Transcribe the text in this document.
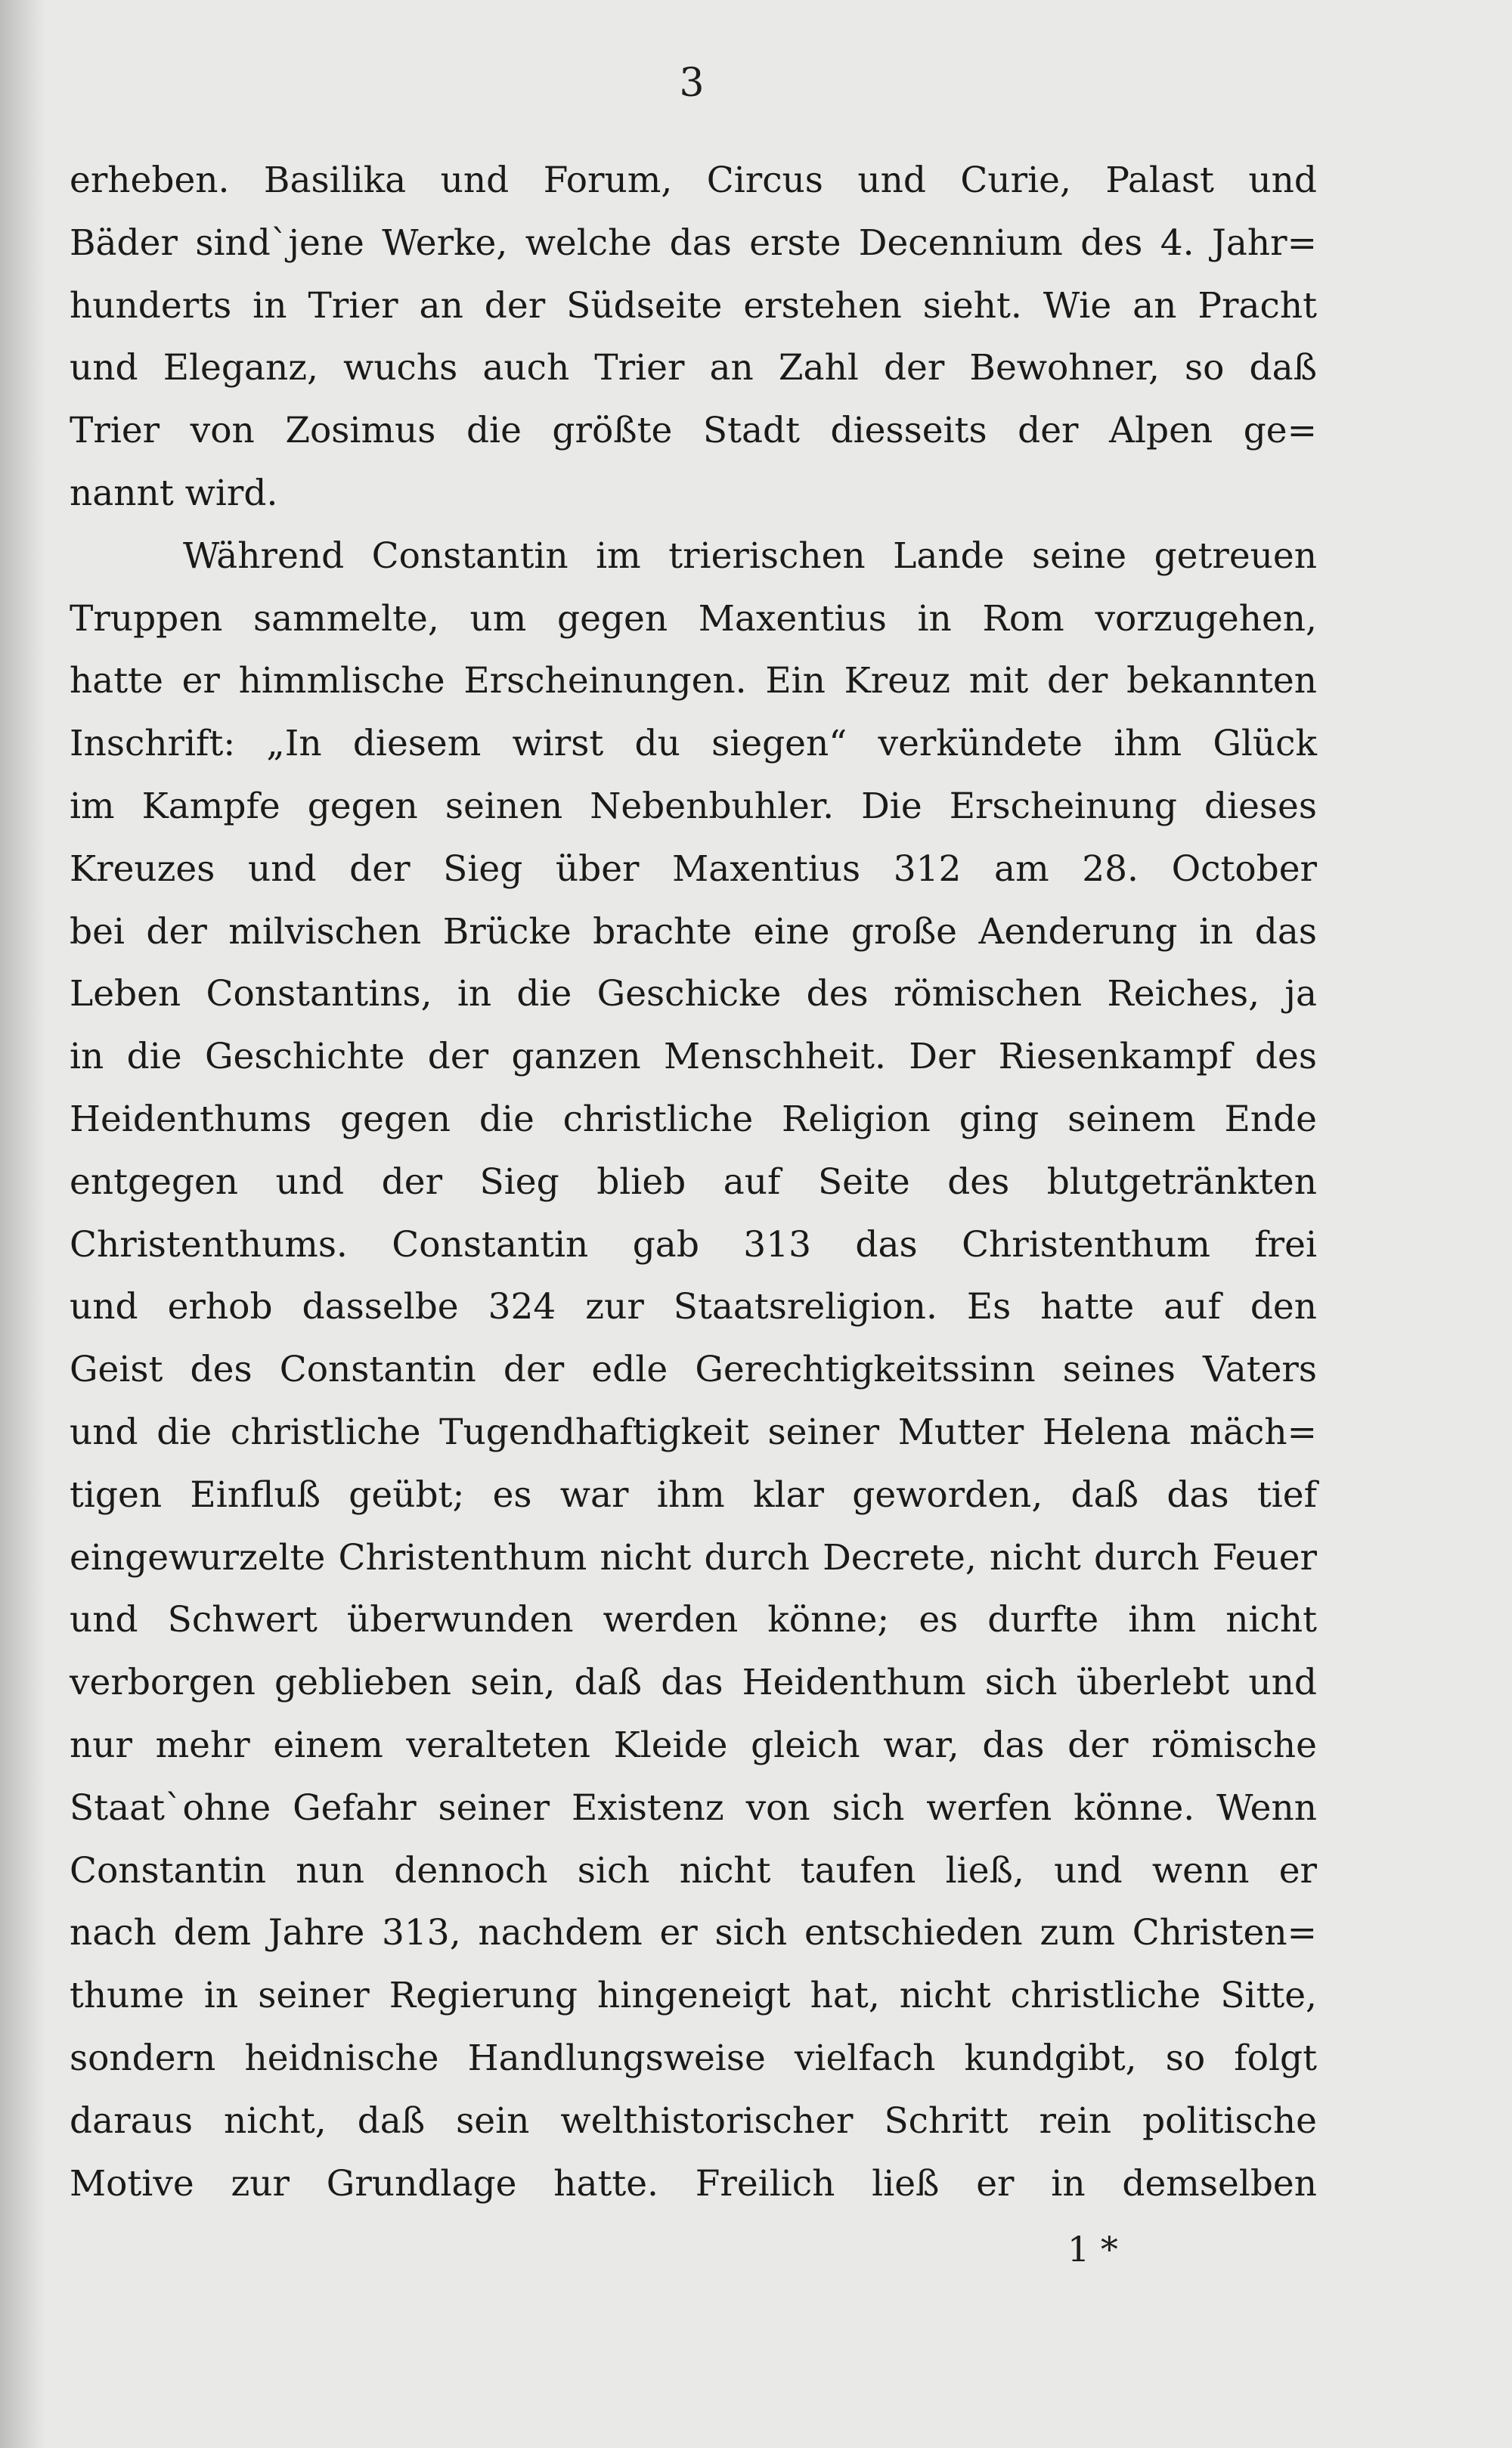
3
erheben. Basilika und Forum, Circus und Curie, Palast und
Bäder sind`jene Werke, welche das erste Decennium des 4. Jahr=
hunderts in Trier an der Südseite erstehen sieht. Wie an Pracht
und Eleganz, wuchs auch Trier an Zahl der Bewohner, so daß
Trier von Zosimus die größte Stadt diesseits der Alpen ge=
nannt wird.
Während Constantin im trierischen Lande seine getreuen
Truppen sammelte, um gegen Maxentius in Rom vorzugehen,
hatte er himmlische Erscheinungen. Ein Kreuz mit der bekannten
Inschrift: „In diesem wirst du siegen“ verkündete ihm Glück
im Kampfe gegen seinen Nebenbuhler. Die Erscheinung dieses
Kreuzes und der Sieg über Maxentius 312 am 28. October
bei der milvischen Brücke brachte eine große Aenderung in das
Leben Constantins, in die Geschicke des römischen Reiches, ja
in die Geschichte der ganzen Menschheit. Der Riesenkampf des
Heidenthums gegen die christliche Religion ging seinem Ende
entgegen und der Sieg blieb auf Seite des blutgetränkten
Christenthums. Constantin gab 313 das Christenthum frei
und erhob dasselbe 324 zur Staatsreligion. Es hatte auf den
Geist des Constantin der edle Gerechtigkeitssinn seines Vaters
und die christliche Tugendhaftigkeit seiner Mutter Helena mäch=
tigen Einfluß geübt; es war ihm klar geworden, daß das tief
eingewurzelte Christenthum nicht durch Decrete, nicht durch Feuer
und Schwert überwunden werden könne; es durfte ihm nicht
verborgen geblieben sein, daß das Heidenthum sich überlebt und
nur mehr einem veralteten Kleide gleich war, das der römische
Staat`ohne Gefahr seiner Existenz von sich werfen könne. Wenn
Constantin nun dennoch sich nicht taufen ließ, und wenn er
nach dem Jahre 313, nachdem er sich entschieden zum Christen=
thume in seiner Regierung hingeneigt hat, nicht christliche Sitte,
sondern heidnische Handlungsweise vielfach kundgibt, so folgt
daraus nicht, daß sein welthistorischer Schritt rein politische
Motive zur Grundlage hatte. Freilich ließ er in demselben
1 *
